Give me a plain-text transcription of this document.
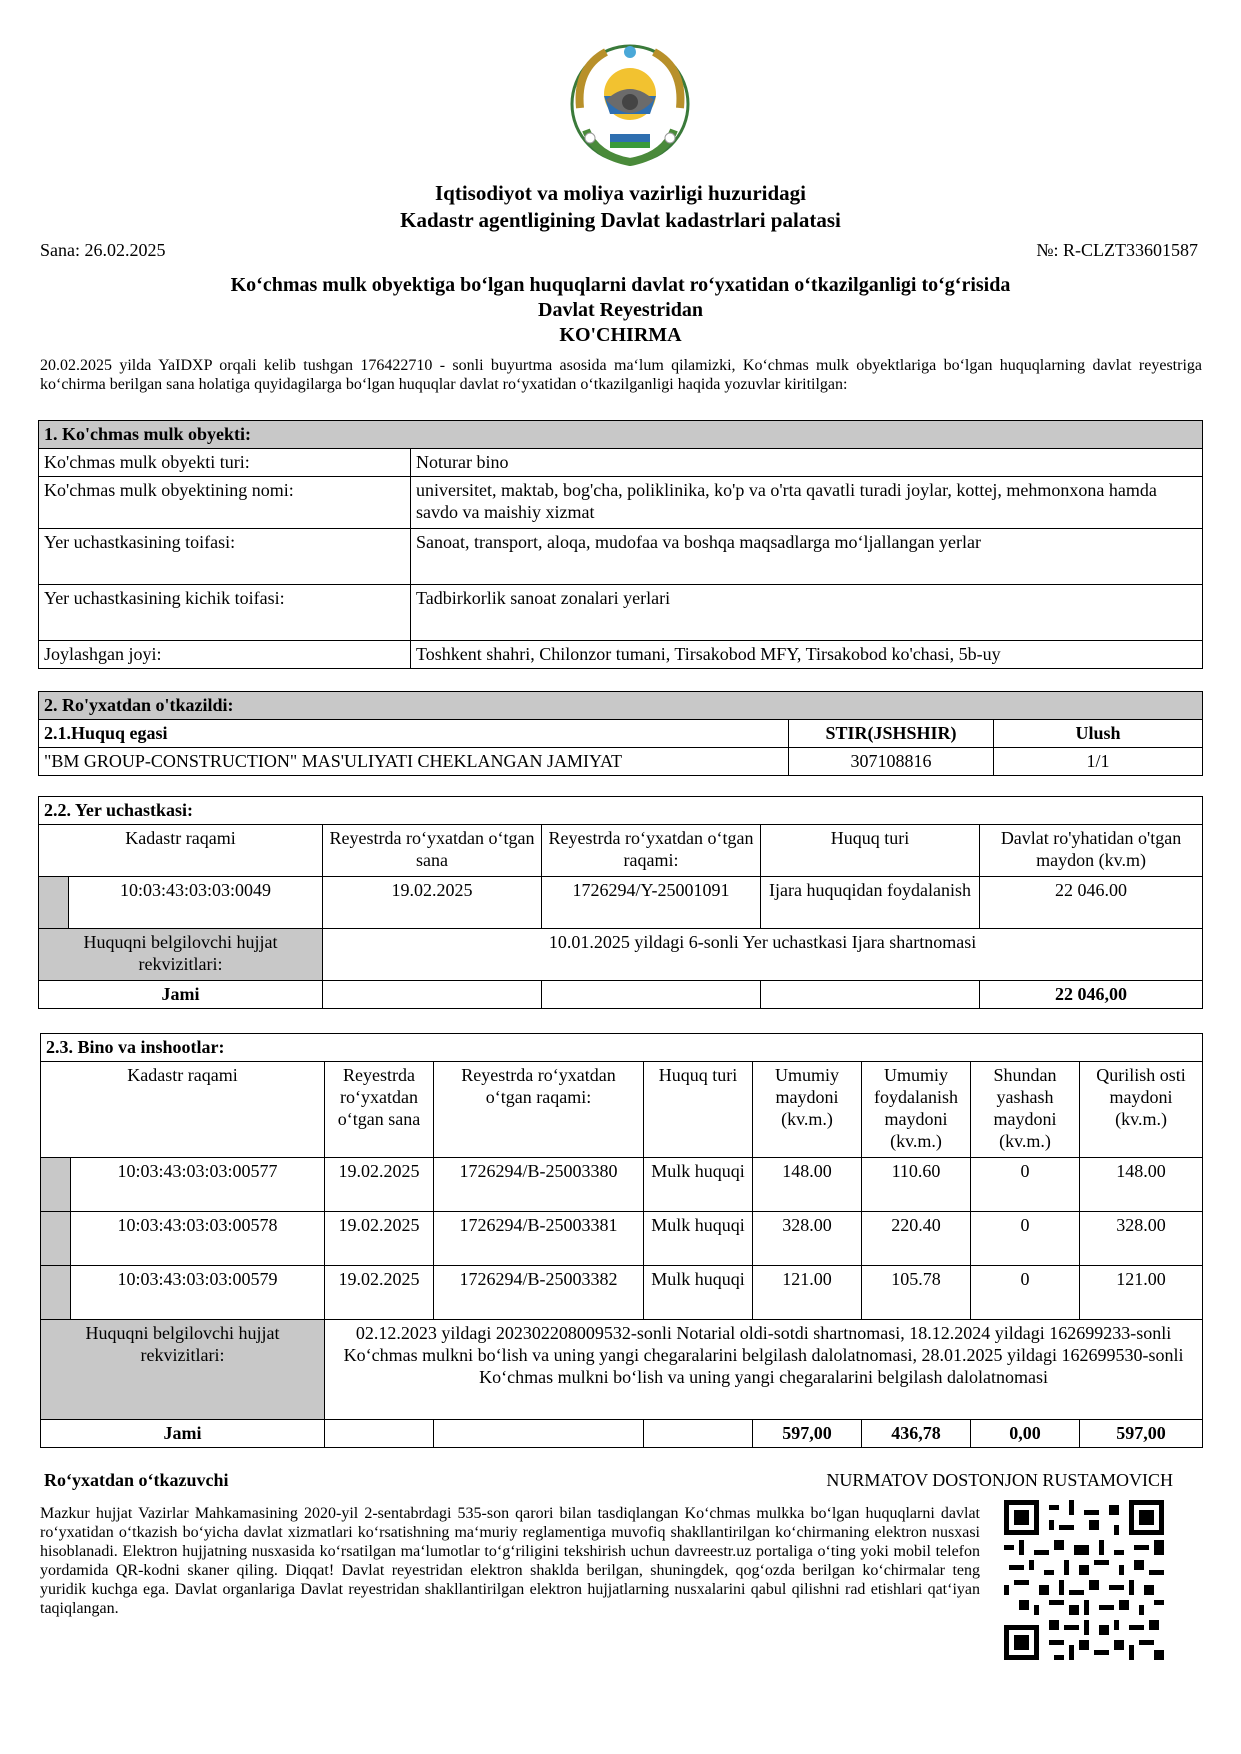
Iqtisodiyot va moliya vazirligi huzuridagi
Kadastr agentligining Davlat kadastrlari palatasi
Sana: 26.02.2025	№: R-CLZT33601587
Koʻchmas mulk obyektiga boʻlgan huquqlarni davlat roʻyxatidan oʻtkazilganligi toʻgʻrisida
Davlat Reyestridan
KO'CHIRMA
20.02.2025 yilda YaIDXP orqali kelib tushgan 176422710 - sonli buyurtma asosida maʻlum qilamizki, Koʻchmas mulk obyektlariga boʻlgan huquqlarning davlat reyestriga koʻchirma berilgan sana holatiga quyidagilarga boʻlgan huquqlar davlat roʻyxatidan oʻtkazilganligi haqida yozuvlar kiritilgan:
1. Ko'chmas mulk obyekti:	
Ko'chmas mulk obyekti turi:	Noturar bino
Ko'chmas mulk obyektining nomi:	universitet, maktab, bog'cha, poliklinika, ko'p va o'rta qavatli turadi joylar, kottej, mehmonxona hamda savdo va maishiy xizmat
Yer uchastkasining toifasi:	Sanoat, transport, aloqa, mudofaa va boshqa maqsadlarga moʻljallangan yerlar
Yer uchastkasining kichik toifasi:	Tadbirkorlik sanoat zonalari yerlari
Joylashgan joyi:	Toshkent shahri, Chilonzor tumani, Tirsakobod MFY, Tirsakobod ko'chasi, 5b-uy
2. Ro'yxatdan o'tkazildi:		
2.1.Huquq egasi	STIR(JSHSHIR)	Ulush
"BM GROUP-CONSTRUCTION" MAS'ULIYATI CHEKLANGAN JAMIYAT	307108816	1/1
2.2. Yer uchastkasi:					
Kadastr raqami		Reyestrda roʻyxatdan oʻtgan sana	Reyestrda roʻyxatdan oʻtgan raqami:	Huquq turi	Davlat ro'yhatidan o'tgan maydon (kv.m)
	10:03:43:03:03:0049	19.02.2025	1726294/Y-25001091	Ijara huquqidan foydalanish	22 046.00
Huquqni belgilovchi hujjat rekvizitlari:		10.01.2025 yildagi 6-sonli Yer uchastkasi Ijara shartnomasi			
Jami					22 046,00
2.3. Bino va inshootlar:								
Kadastr raqami		Reyestrda roʻyxatdan oʻtgan sana	Reyestrda roʻyxatdan oʻtgan raqami:	Huquq turi	Umumiy maydoni (kv.m.)	Umumiy foydalanish maydoni (kv.m.)	Shundan yashash maydoni (kv.m.)	Qurilish osti maydoni (kv.m.)
	10:03:43:03:03:00577	19.02.2025	1726294/B-25003380	Mulk huquqi	148.00	110.60	0	148.00
	10:03:43:03:03:00578	19.02.2025	1726294/B-25003381	Mulk huquqi	328.00	220.40	0	328.00
	10:03:43:03:03:00579	19.02.2025	1726294/B-25003382	Mulk huquqi	121.00	105.78	0	121.00
Huquqni belgilovchi hujjat rekvizitlari:		02.12.2023 yildagi 202302208009532-sonli Notarial oldi-sotdi shartnomasi, 18.12.2024 yildagi 162699233-sonli Koʻchmas mulkni boʻlish va uning yangi chegaralarini belgilash dalolatnomasi, 28.01.2025 yildagi 162699530-sonli Koʻchmas mulkni boʻlish va uning yangi chegaralarini belgilash dalolatnomasi						
Jami					597,00	436,78	0,00	597,00
Roʻyxatdan oʻtkazuvchi	NURMATOV DOSTONJON RUSTAMOVICH
Mazkur hujjat Vazirlar Mahkamasining 2020-yil 2-sentabrdagi 535-son qarori bilan tasdiqlangan Koʻchmas mulkka boʻlgan huquqlarni davlat roʻyxatidan oʻtkazish boʻyicha davlat xizmatlari koʻrsatishning maʻmuriy reglamentiga muvofiq shakllantirilgan koʻchirmaning elektron nusxasi hisoblanadi. Elektron hujjatning nusxasida koʻrsatilgan maʻlumotlar toʻgʻriligini tekshirish uchun davreestr.uz portaliga oʻting yoki mobil telefon yordamida QR-kodni skaner qiling. Diqqat! Davlat reyestridan elektron shaklda berilgan, shuningdek, qogʻozda berilgan koʻchirmalar teng yuridik kuchga ega. Davlat organlariga Davlat reyestridan shakllantirilgan elektron hujjatlarning nusxalarini qabul qilishni rad etishlari qatʻiyan taqiqlangan.
